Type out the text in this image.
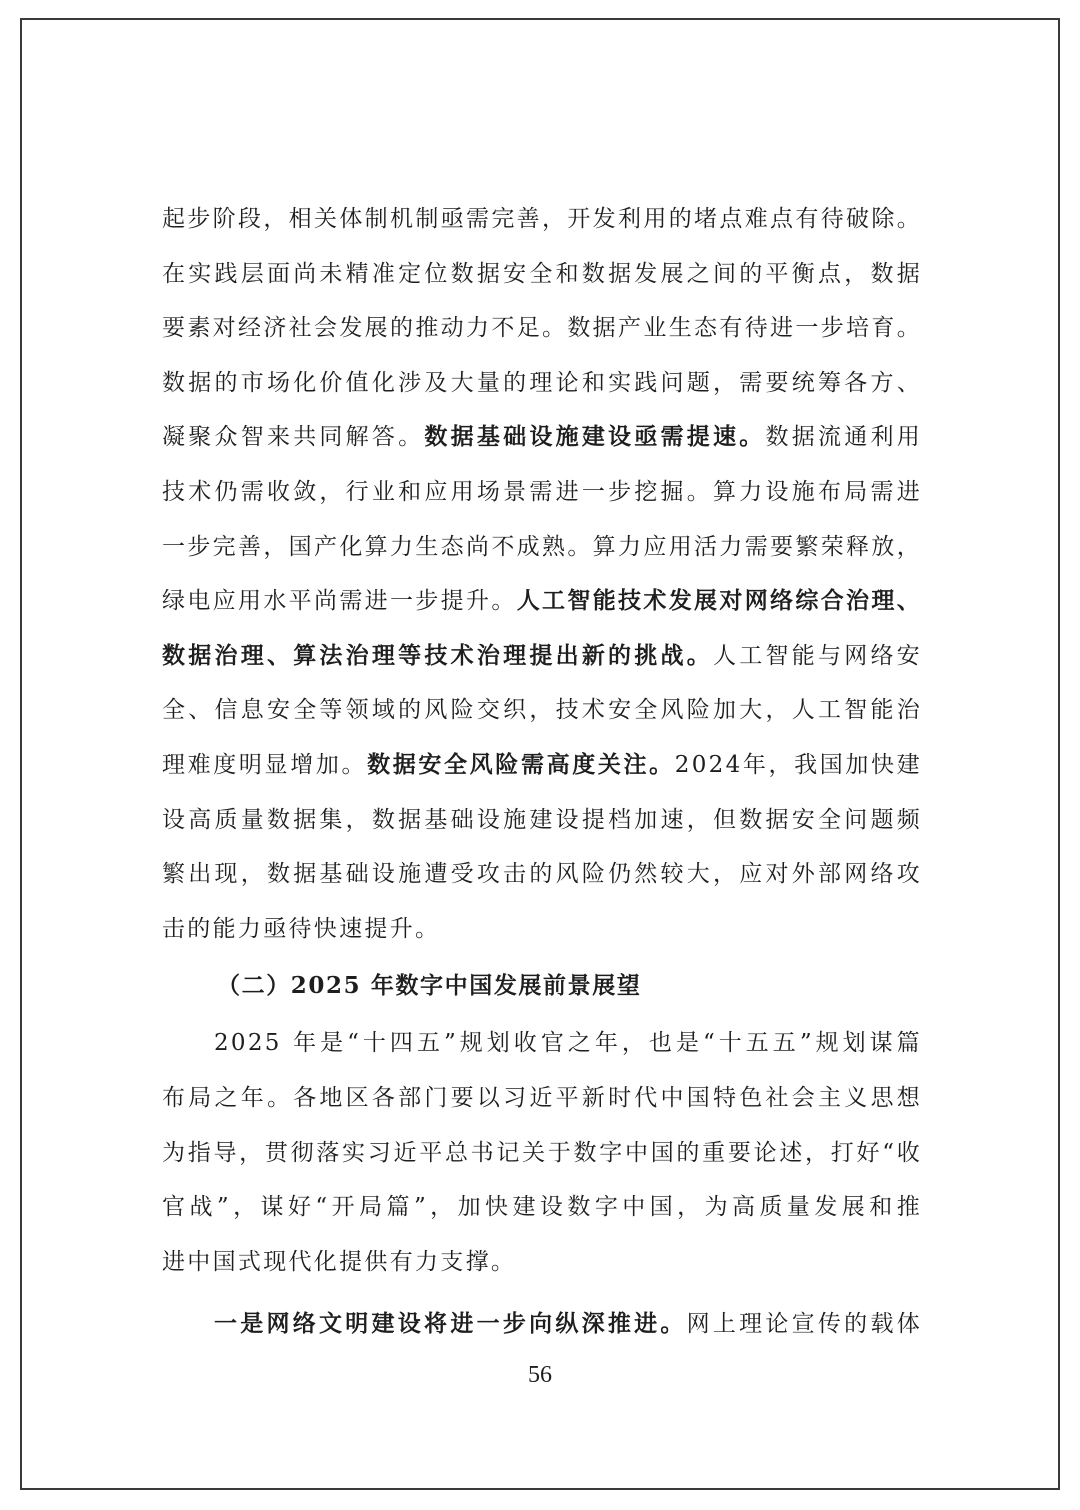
起步阶段，相关体制机制亟需完善，开发利用的堵点难点有待破除。
在实践层面尚未精准定位数据安全和数据发展之间的平衡点，数据
要素对经济社会发展的推动力不足。数据产业生态有待进一步培育。
数据的市场化价值化涉及大量的理论和实践问题，需要统筹各方、
凝聚众智来共同解答。数据基础设施建设亟需提速。数据流通利用
技术仍需收敛，行业和应用场景需进一步挖掘。算力设施布局需进
一步完善，国产化算力生态尚不成熟。算力应用活力需要繁荣释放，
绿电应用水平尚需进一步提升。人工智能技术发展对网络综合治理、
数据治理、算法治理等技术治理提出新的挑战。人工智能与网络安
全、信息安全等领域的风险交织，技术安全风险加大，人工智能治
理难度明显增加。数据安全风险需高度关注。2024年，我国加快建
设高质量数据集，数据基础设施建设提档加速，但数据安全问题频
繁出现，数据基础设施遭受攻击的风险仍然较大，应对外部网络攻
击的能力亟待快速提升。
（二）2025 年数字中国发展前景展望
2025 年是“十四五”规划收官之年，也是“十五五”规划谋篇
布局之年。各地区各部门要以习近平新时代中国特色社会主义思想
为指导，贯彻落实习近平总书记关于数字中国的重要论述，打好“收
官战”，谋好“开局篇”，加快建设数字中国，为高质量发展和推
进中国式现代化提供有力支撑。
一是网络文明建设将进一步向纵深推进。网上理论宣传的载体
56
